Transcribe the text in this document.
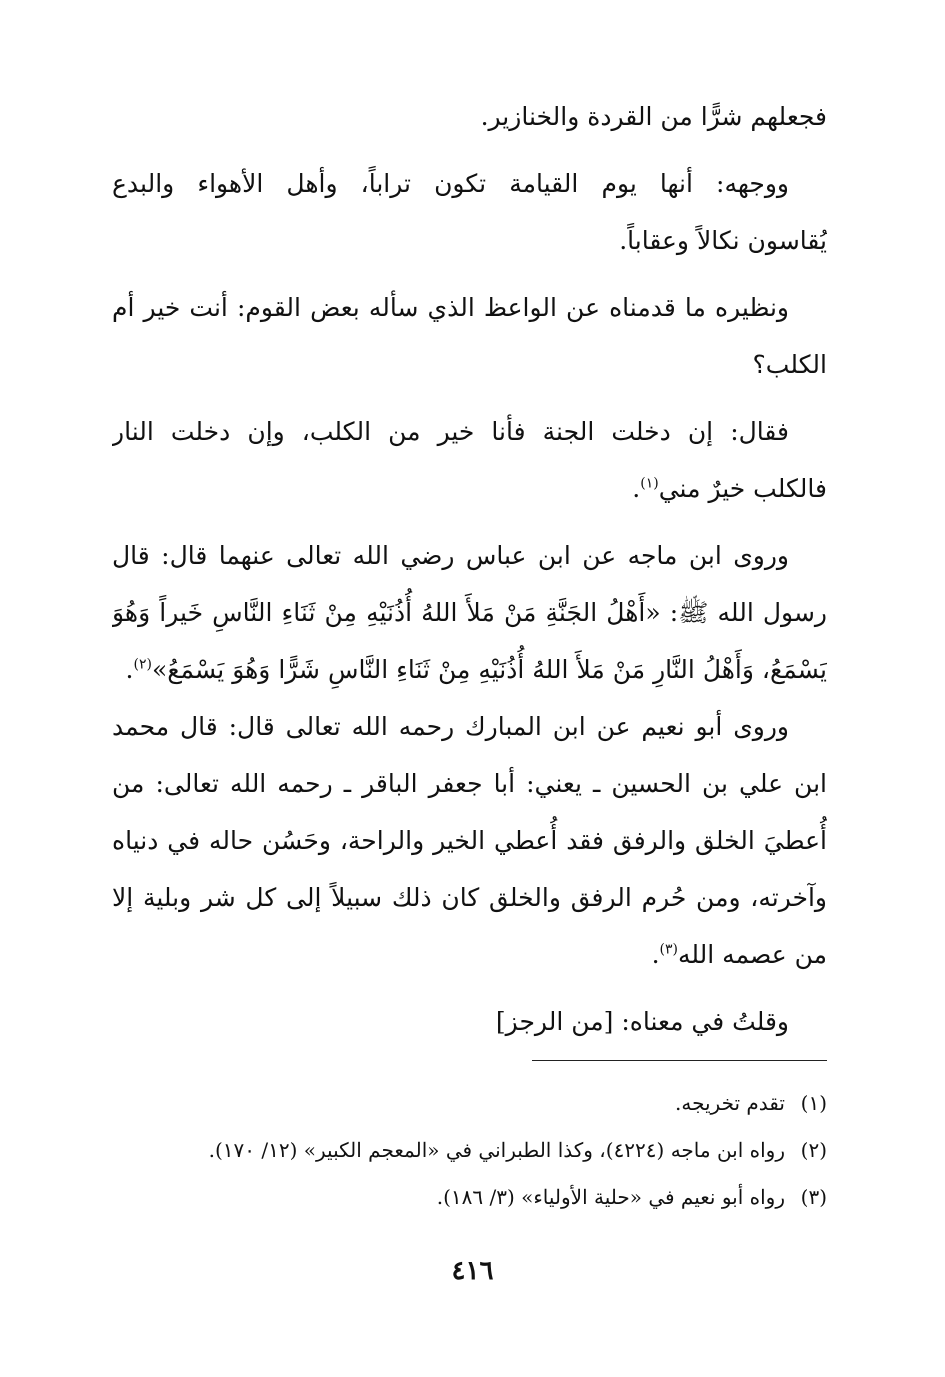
فجعلهم شرًّا من القردة والخنازير.
ووجهه: أنها يوم القيامة تكون تراباً، وأهل الأهواء والبدع
يُقاسون نكالاً وعقاباً.
ونظيره ما قدمناه عن الواعظ الذي سأله بعض القوم: أنت خير أم
الكلب؟
فقال: إن دخلت الجنة فأنا خير من الكلب، وإن دخلت النار
فالكلب خيرٌ مني$^{(١)}$.
وروى ابن ماجه عن ابن عباس رضي الله تعالى عنهما قال: قال
رسول الله ﷺ: «أَهْلُ الجَنَّةِ مَنْ مَلأَ اللهُ أُذُنَيْهِ مِنْ ثَنَاءِ النَّاسِ خَيراً وَهُوَ
يَسْمَعُ، وَأَهْلُ النَّارِ مَنْ مَلأَ اللهُ أُذُنَيْهِ مِنْ ثَنَاءِ النَّاسِ شَرًّا وَهُوَ يَسْمَعُ»$^{(٢)}$.
وروى أبو نعيم عن ابن المبارك رحمه الله تعالى قال: قال محمد
ابن علي بن الحسين ـ يعني: أبا جعفر الباقر ـ رحمه الله تعالى: من
أُعطيَ الخلق والرفق فقد أُعطي الخير والراحة، وحَسُن حاله في دنياه
وآخرته، ومن حُرم الرفق والخلق كان ذلك سبيلاً إلى كل شر وبلية إلا
من عصمه الله$^{(٣)}$.
وقلتُ في معناه: [من الرجز]
(١)تقدم تخريجه.
(٢)رواه ابن ماجه (٤٢٢٤)، وكذا الطبراني في «المعجم الكبير» (١٢/ ١٧٠).
(٣)رواه أبو نعيم في «حلية الأولياء» (٣/ ١٨٦).
٤١٦
